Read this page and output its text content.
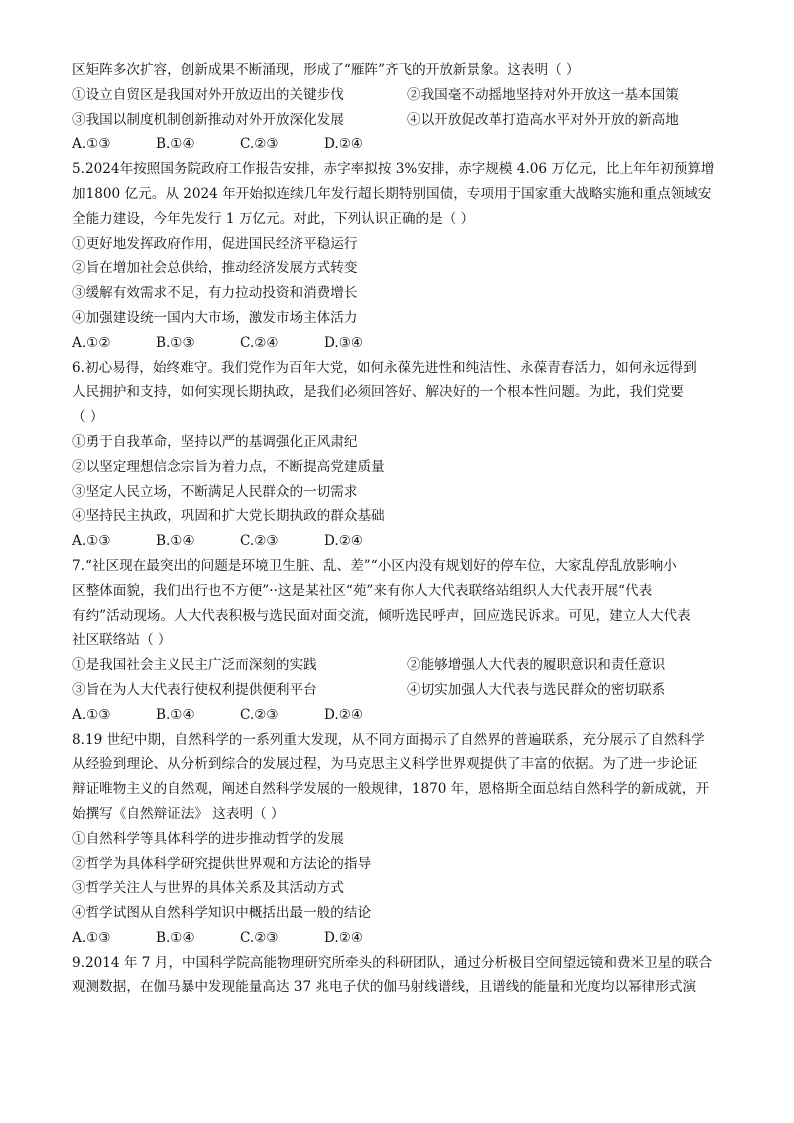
区矩阵多次扩容，创新成果不断涌现，形成了“雁阵”齐飞的开放新景象。这表明（ ）
①设立自贸区是我国对外开放迈出的关键步伐	②我国毫不动摇地坚持对外开放这一基本国策
③我国以制度机制创新推动对外开放深化发展	④以开放促改革打造高水平对外开放的新高地
A.①③	B.①④	C.②③	D.②④
5.2024年按照国务院政府工作报告安排，赤字率拟按 3%安排，赤字规模 4.06 万亿元，比上年年初预算增
加1800 亿元。从 2024 年开始拟连续几年发行超长期特别国债，专项用于国家重大战略实施和重点领域安
全能力建设，今年先发行 1 万亿元。对此，下列认识正确的是（ ）
①更好地发挥政府作用，促进国民经济平稳运行
②旨在增加社会总供给，推动经济发展方式转变
③缓解有效需求不足，有力拉动投资和消费增长
④加强建设统一国内大市场，激发市场主体活力
A.①②	B.①③	C.②④	D.③④
6.初心易得，始终难守。我们党作为百年大党，如何永葆先进性和纯洁性、永葆青春活力，如何永远得到
人民拥护和支持，如何实现长期执政，是我们必须回答好、解决好的一个根本性问题。为此，我们党要
（ ）
①勇于自我革命，坚持以严的基调强化正风肃纪
②以坚定理想信念宗旨为着力点，不断提高党建质量
③坚定人民立场，不断满足人民群众的一切需求
④坚持民主执政，巩固和扩大党长期执政的群众基础
A.①③	B.①④	C.②③	D.②④
7.“社区现在最突出的问题是环境卫生脏、乱、差”“小区内没有规划好的停车位，大家乱停乱放影响小
区整体面貌，我们出行也不方便”··这是某社区“苑”来有你人大代表联络站组织人大代表开展“代表
有约”活动现场。人大代表积极与选民面对面交流，倾听选民呼声，回应选民诉求。可见，建立人大代表
社区联络站（ ）
①是我国社会主义民主广泛而深刻的实践	②能够增强人大代表的履职意识和责任意识
③旨在为人大代表行使权利提供便利平台	④切实加强人大代表与选民群众的密切联系
A.①③	B.①④	C.②③	D.②④
8.19 世纪中期，自然科学的一系列重大发现，从不同方面揭示了自然界的普遍联系，充分展示了自然科学
从经验到理论、从分析到综合的发展过程，为马克思主义科学世界观提供了丰富的依据。为了进一步论证
辩证唯物主义的自然观，阐述自然科学发展的一般规律，1870 年，恩格斯全面总结自然科学的新成就，开
始撰写《自然辩证法》 这表明（ ）
①自然科学等具体科学的进步推动哲学的发展
②哲学为具体科学研究提供世界观和方法论的指导
③哲学关注人与世界的具体关系及其活动方式
④哲学试图从自然科学知识中概括出最一般的结论
A.①③	B.①④	C.②③	D.②④
9.2014 年 7 月，中国科学院高能物理研究所牵头的科研团队，通过分析极目空间望远镜和费米卫星的联合
观测数据，在伽马暴中发现能量高达 37 兆电子伏的伽马射线谱线，且谱线的能量和光度均以幂律形式演
